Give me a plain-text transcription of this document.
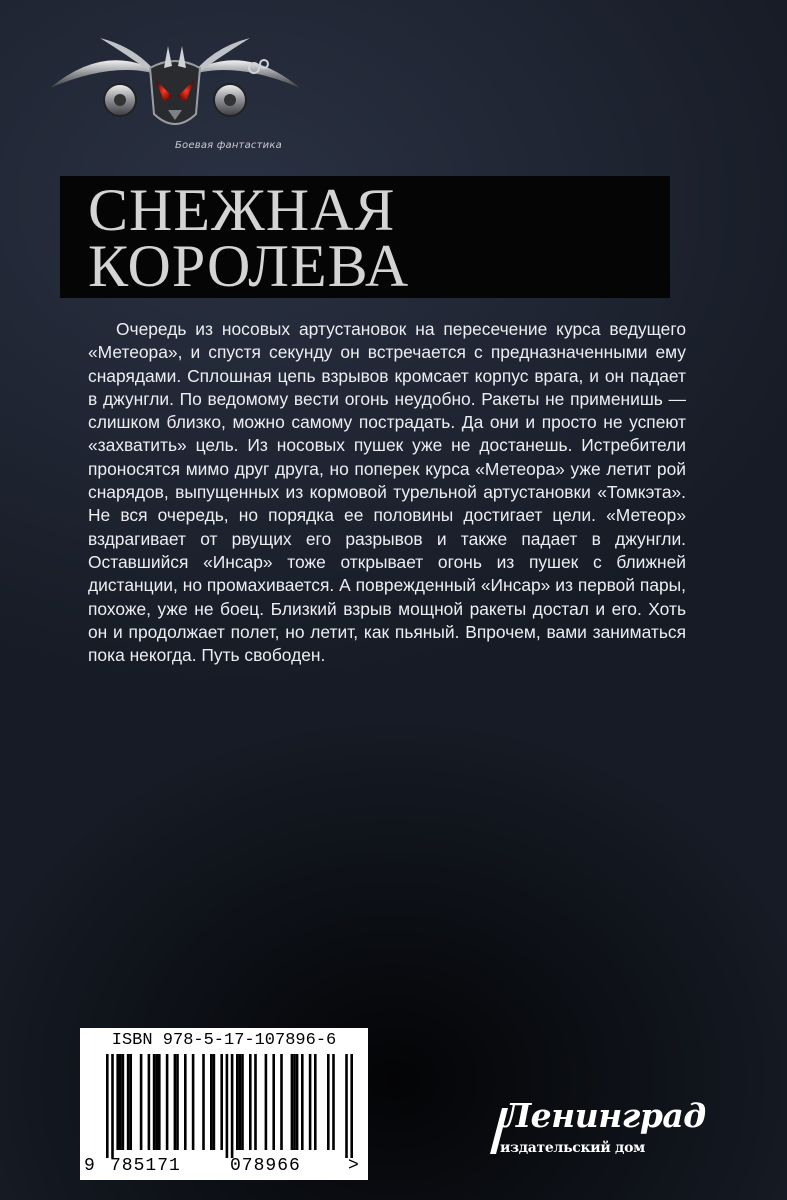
Боевая фантастика
СНЕЖНАЯ
КОРОЛЕВА

Очередь из носовых артустановок на пересечение курса ведущего «Метеора», и спустя секунду он встречается с предназначенными ему снарядами. Сплошная цепь взрывов кромсает корпус врага, и он падает в джунгли. По ведомому вести огонь неудобно. Ракеты не применишь — слишком близко, можно самому пострадать. Да они и просто не успеют «захватить» цель. Из носовых пушек уже не достанешь. Истребители проносятся мимо друг друга, но поперек курса «Метеора» уже летит рой снарядов, выпущенных из кормовой турельной артустановки «Томкэта». Не вся очередь, но порядка ее половины достигает цели. «Метеор» вздрагивает от рвущих его разрывов и также падает в джунгли. Оставшийся «Инсар» тоже открывает огонь из пушек с ближней дистанции, но промахивается. А поврежденный «Инсар» из первой пары, похоже, уже не боец. Близкий взрыв мощной ракеты достал и его. Хоть он и продолжает полет, но летит, как пьяный. Впрочем, вами заниматься пока некогда. Путь свободен.

ISBN 978-5-17-107896-6
9 785171	078966	>
Ленинград
издательский дом
